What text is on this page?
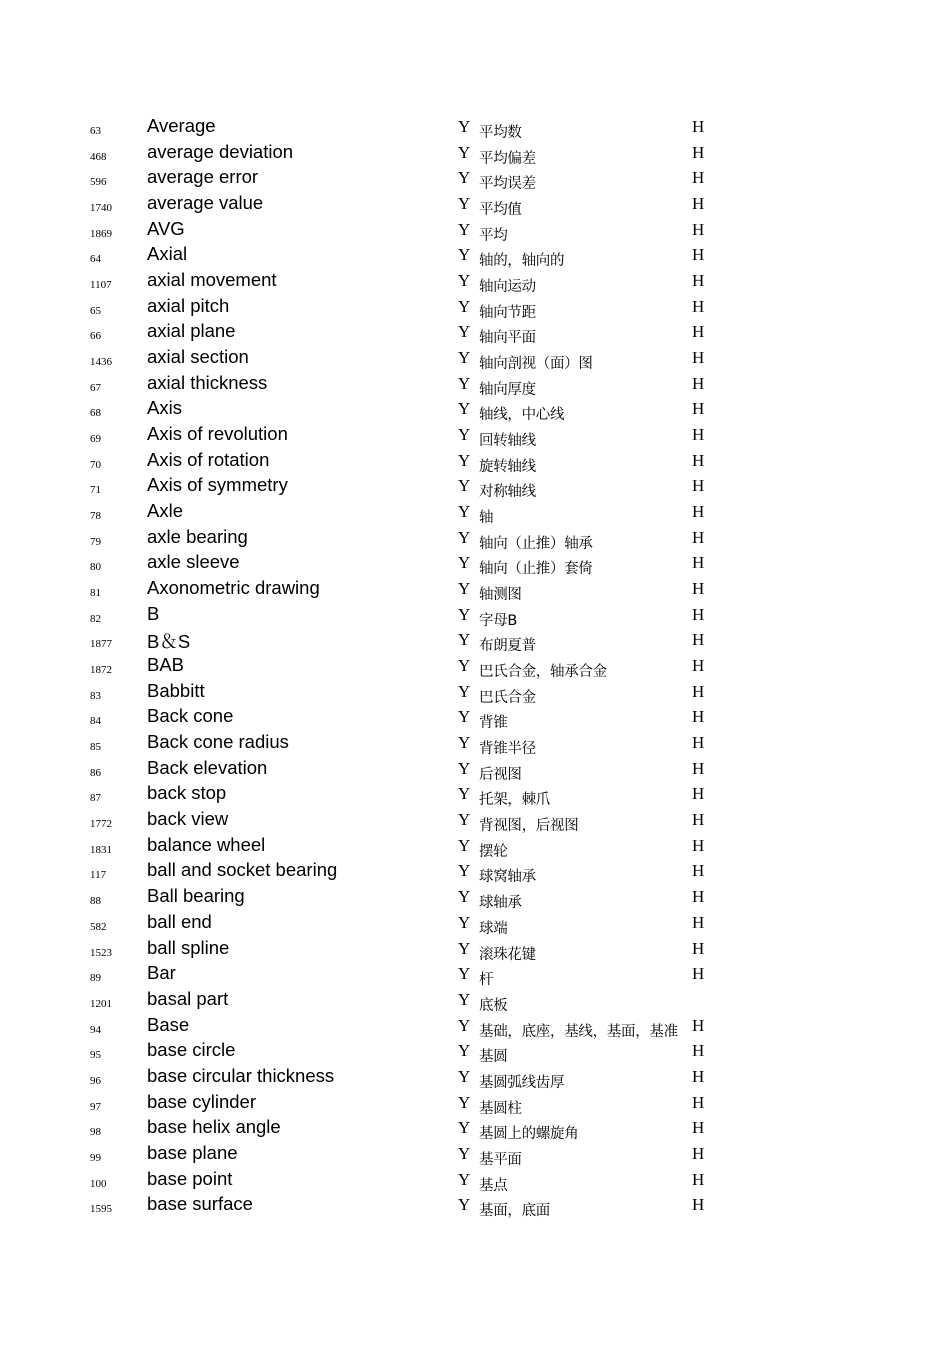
63 Average	Y 平均数	H
468 average deviation	Y 平均偏差	H
596 average error	Y 平均误差	H
1740 average value	Y 平均值	H
1869 AVG	Y 平均	H
64 Axial	Y 轴的，轴向的	H
1107 axial movement	Y 轴向运动	H
65 axial pitch	Y 轴向节距	H
66 axial plane	Y 轴向平面	H
1436 axial section	Y 轴向剖视（面）图	H
67 axial thickness	Y 轴向厚度	H
68 Axis	Y 轴线，中心线	H
69 Axis of revolution	Y 回转轴线	H
70 Axis of rotation	Y 旋转轴线	H
71 Axis of symmetry	Y 对称轴线	H
78 Axle	Y 轴	H
79 axle bearing	Y 轴向（止推）轴承	H
80 axle sleeve	Y 轴向（止推）套倚	H
81 Axonometric drawing	Y 轴测图	H
82 B	Y 字母B	H
1877 B＆S	Y 布朗夏普	H
1872 BAB	Y 巴氏合金，轴承合金	H
83 Babbitt	Y 巴氏合金	H
84 Back cone	Y 背锥	H
85 Back cone radius	Y 背锥半径	H
86 Back elevation	Y 后视图	H
87 back stop	Y 托架，棘爪	H
1772 back view	Y 背视图，后视图	H
1831 balance wheel	Y 摆轮	H
117 ball and socket bearing	Y 球窝轴承	H
88 Ball bearing	Y 球轴承	H
582 ball end	Y 球端	H
1523 ball spline	Y 滚珠花键	H
89 Bar	Y 杆	H
1201 basal part	Y 底板
94 Base	Y 基础，底座，基线，基面，基准 H
95 base circle	Y 基圆	H
96 base circular thickness	Y 基圆弧线齿厚	H
97 base cylinder	Y 基圆柱	H
98 base helix angle	Y 基圆上的螺旋角	H
99 base plane	Y 基平面	H
100 base point	Y 基点	H
1595 base surface	Y 基面，底面	H
